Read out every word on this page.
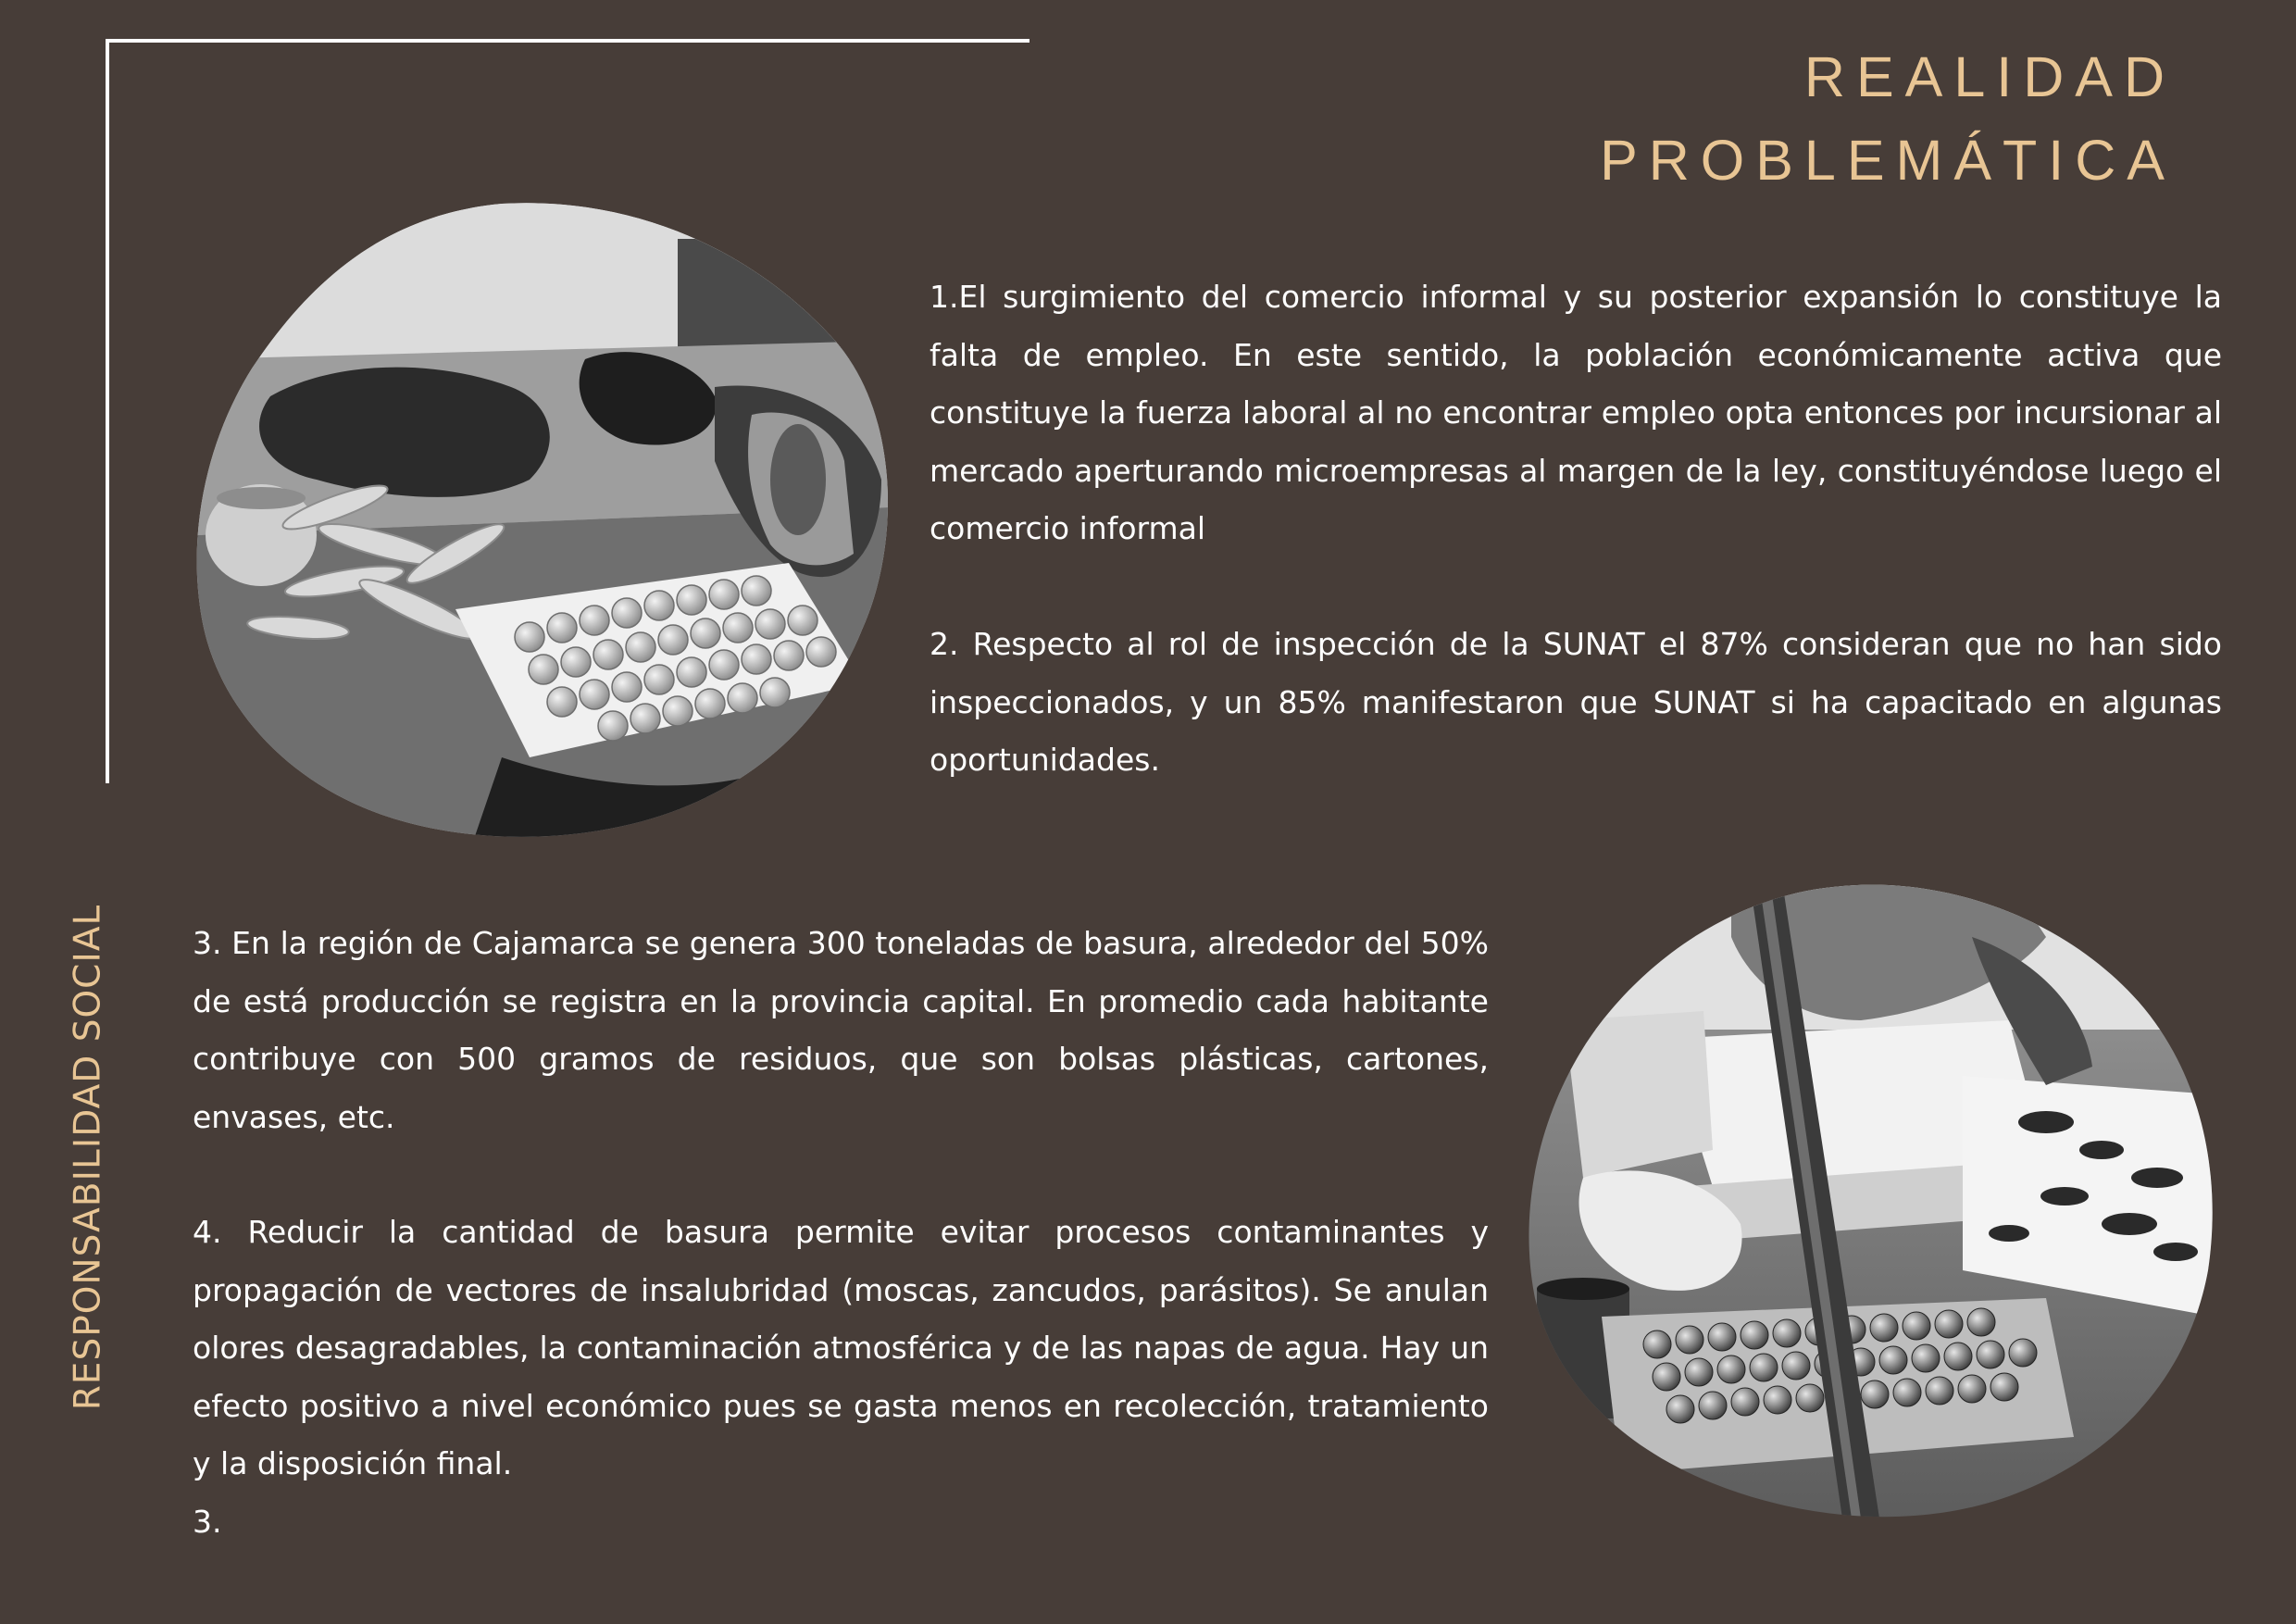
REALIDAD
PROBLEMÁTICA
RESPONSABILIDAD SOCIAL

1.El surgimiento del comercio informal y su posterior expansión lo constituye la falta de empleo. En este sentido, la población económicamente activa que constituye la fuerza laboral al no encontrar empleo opta entonces por incursionar al mercado aperturando microempresas al margen de la ley, constituyéndose luego el comercio informal

2. Respecto al rol de inspección de la SUNAT el 87% consideran que no han sido inspeccionados, y un 85% manifestaron que SUNAT si ha capacitado en algunas oportunidades.

3. En la región de Cajamarca se genera 300 toneladas de basura, alrededor del 50% de está producción se registra en la provincia capital. En promedio cada habitante contribuye con 500 gramos de residuos, que son bolsas plásticas, cartones, envases, etc.

4. Reducir la cantidad de basura permite evitar procesos contaminantes y propagación de vectores de insalubridad (moscas, zancudos, parásitos). Se anulan olores desagradables, la contaminación atmosférica y de las napas de agua. Hay un efecto positivo a nivel económico pues se gasta menos en recolección, tratamiento y la disposición final.

3.
